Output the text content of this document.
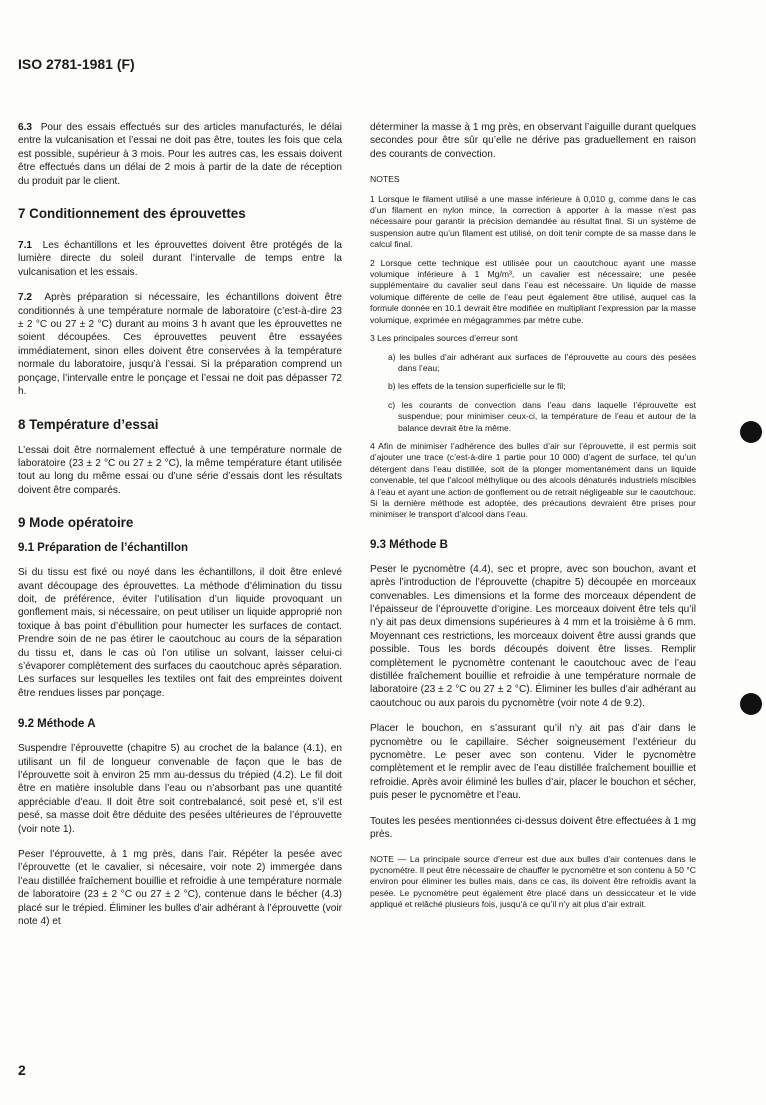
ISO 2781-1981 (F)

6.3 Pour des essais effectués sur des articles manufacturés, le délai entre la vulcanisation et l’essai ne doit pas être, toutes les fois que cela est possible, supérieur à 3 mois. Pour les autres cas, les essais doivent être effectués dans un délai de 2 mois à partir de la date de réception du produit par le client.

7 Conditionnement des éprouvettes

7.1 Les échantillons et les éprouvettes doivent être protégés de la lumière directe du soleil durant l’intervalle de temps entre la vulcanisation et les essais.

7.2 Après préparation si nécessaire, les échantillons doivent être conditionnés à une température normale de laboratoire (c’est-à-dire 23 ± 2 °C ou 27 ± 2 °C) durant au moins 3 h avant que les éprouvettes ne soient découpées. Ces éprouvettes peuvent être essayées immédiatement, sinon elles doivent être conservées à la température normale du laboratoire, jusqu’à l’essai. Si la préparation comprend un ponçage, l’intervalle entre le ponçage et l’essai ne doit pas dépasser 72 h.

8 Température d’essai

L’essai doit être normalement effectué à une température normale de laboratoire (23 ± 2 °C ou 27 ± 2 °C), la même température étant utilisée tout au long du même essai ou d’une série d’essais dont les résultats doivent être comparés.

9 Mode opératoire
9.1 Préparation de l’échantillon

Si du tissu est fixé ou noyé dans les échantillons, il doit être enlevé avant découpage des éprouvettes. La méthode d’élimination du tissu doit, de préférence, éviter l’utilisation d’un liquide provoquant un gonflement mais, si nécessaire, on peut utiliser un liquide approprié non toxique à bas point d’ébullition pour humecter les surfaces de contact. Prendre soin de ne pas étirer le caoutchouc au cours de la séparation du tissu et, dans le cas où l’on utilise un solvant, laisser celui-ci s’évaporer complètement des surfaces du caoutchouc après séparation. Les surfaces sur lesquelles les textiles ont fait des empreintes doivent être rendues lisses par ponçage.

9.2 Méthode A

Suspendre l’éprouvette (chapitre 5) au crochet de la balance (4.1), en utilisant un fil de longueur convenable de façon que le bas de l’éprouvette soit à environ 25 mm au-dessus du trépied (4.2). Le fil doit être en matière insoluble dans l’eau ou n’absorbant pas une quantité appréciable d’eau. Il doit être soit contrebalancé, soit pesé et, s’il est pesé, sa masse doit être déduite des pesées ultérieures de l’éprouvette (voir note 1).

Peser l’éprouvette, à 1 mg près, dans l’air. Répéter la pesée avec l’éprouvette (et le cavalier, si nécesaire, voir note 2) immergée dans l’eau distillée fraîchement bouillie et refroidie à une température normale de laboratoire (23 ± 2 °C ou 27 ± 2 °C), contenue dans le bécher (4.3) placé sur le trépied. Éliminer les bulles d’air adhérant à l’éprouvette (voir note 4) et

déterminer la masse à 1 mg près, en observant l’aiguille durant quelques secondes pour être sûr qu’elle ne dérive pas graduellement en raison des courants de convection.

NOTES

1 Lorsque le filament utilisé a une masse inférieure à 0,010 g, comme dans le cas d’un filament en nylon mince, la correction à apporter à la masse n’est pas nécessaire pour garantir la précision demandée au résultat final. Si un système de suspension autre qu’un filament est utilisé, on doit tenir compte de sa masse dans le calcul final.

2 Lorsque cette technique est utilisée pour un caoutchouc ayant une masse volumique inférieure à 1 Mg/m³, un cavalier est nécessaire; une pesée supplémentaire du cavalier seul dans l’eau est nécessaire. Un liquide de masse volumique différente de celle de l’eau peut également être utilisé, auquel cas la formule donnée en 10.1 devrait être modifiée en multipliant l’expression par la masse volumique, exprimée en mégagrammes par mètre cube.

3 Les principales sources d’erreur sont

a) les bulles d’air adhérant aux surfaces de l’éprouvette au cours des pesées dans l’eau;

b) les effets de la tension superficielle sur le fil;

c) les courants de convection dans l’eau dans laquelle l’éprouvette est suspendue; pour minimiser ceux-ci, la température de l’eau et autour de la balance devrait être la même.

4 Afin de minimiser l’adhérence des bulles d’air sur l’éprouvette, il est permis soit d’ajouter une trace (c’est-à-dire 1 partie pour 10 000) d’agent de surface, tel qu’un détergent dans l’eau distillée, soit de la plonger momentanément dans un liquide convenable, tel que l’alcool méthylique ou des alcools dénaturés industriels miscibles à l’eau et ayant une action de gonflement ou de retrait négligeable sur le caoutchouc. Si la dernière méthode est adoptée, des précautions devraient être prises pour minimiser le transport d’alcool dans l’eau.

9.3 Méthode B

Peser le pycnomètre (4.4), sec et propre, avec son bouchon, avant et après l’introduction de l’éprouvette (chapitre 5) découpée en morceaux convenables. Les dimensions et la forme des morceaux dépendent de l’épaisseur de l’éprouvette d’origine. Les morceaux doivent être tels qu’il n’y ait pas deux dimensions supérieures à 4 mm et la troisième à 6 mm. Moyennant ces restrictions, les morceaux doivent être aussi grands que possible. Tous les bords découpés doivent être lisses. Remplir complètement le pycnomètre contenant le caoutchouc avec de l’eau distillée fraîchement bouillie et refroidie à une température normale de laboratoire (23 ± 2 °C ou 27 ± 2 °C). Éliminer les bulles d’air adhérant au caoutchouc ou aux parois du pycnomètre (voir note 4 de 9.2).

Placer le bouchon, en s’assurant qu’il n’y ait pas d’air dans le pycnomètre ou le capillaire. Sécher soigneusement l’extérieur du pycnomètre. Le peser avec son contenu. Vider le pycnomètre complètement et le remplir avec de l’eau distillée fraîchement bouillie et refroidie. Après avoir éliminé les bulles d’air, placer le bouchon et sécher, puis peser le pycnomètre et l’eau.

Toutes les pesées mentionnées ci-dessus doivent être effectuées à 1 mg près.

NOTE — La principale source d’erreur est due aux bulles d’air contenues dans le pycnomètre. Il peut être nécessaire de chauffer le pycnomètre et son contenu à 50 °C environ pour éliminer les bulles mais, dans ce cas, ils doivent être refroidis avant la pesée. Le pycnomètre peut également être placé dans un dessiccateur et le vide appliqué et relâché plusieurs fois, jusqu’à ce qu’il n’y ait plus d’air extrait.

2
